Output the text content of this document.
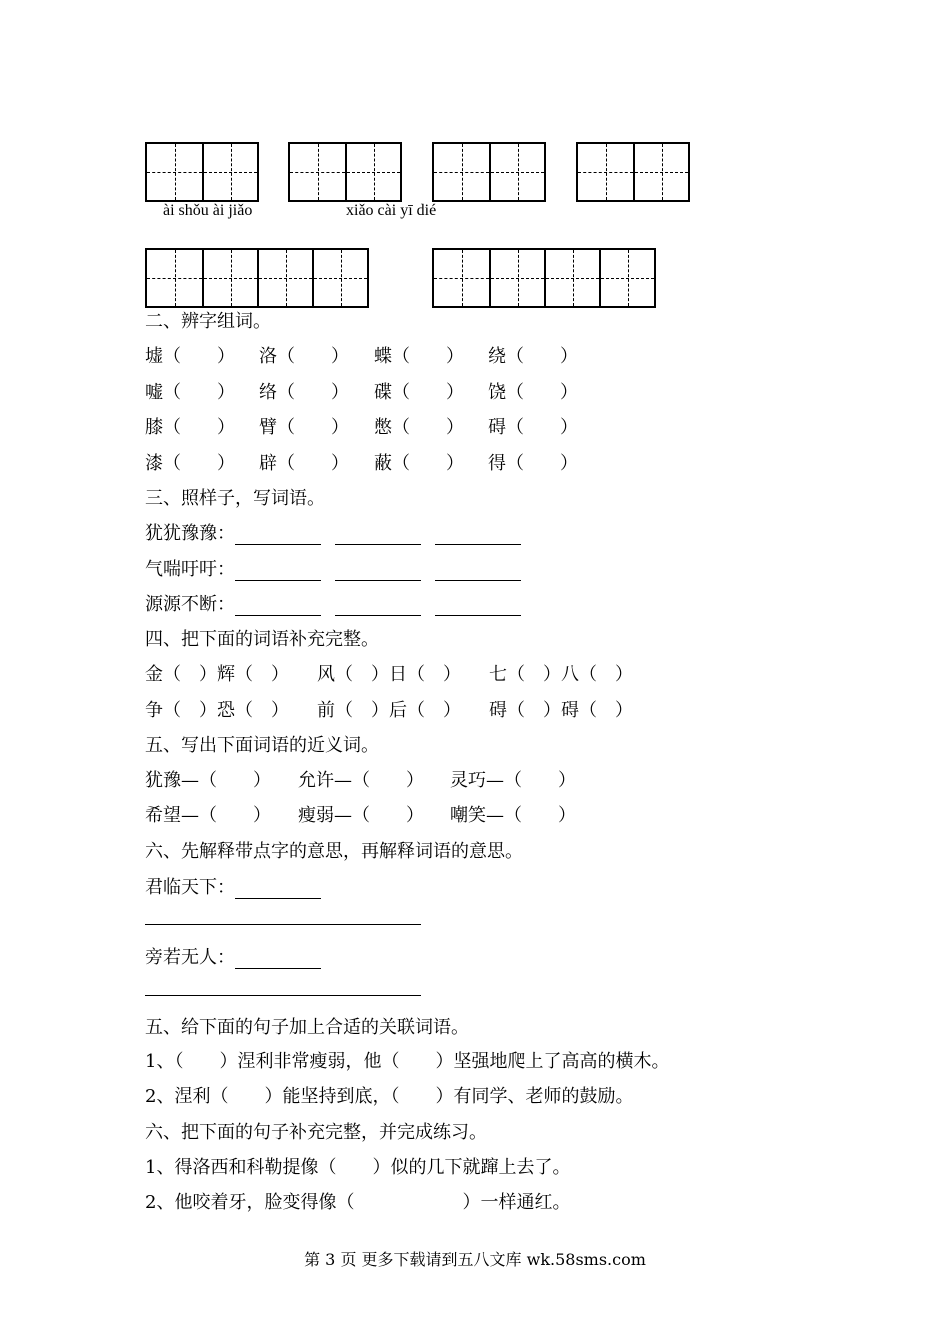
ài shǒu ài jiǎo	xiǎo cài yī dié
二、辨字组词。
墟（　　） 洛（　　） 蝶（　　） 绕（　　）
嘘（　　） 络（　　） 碟（　　） 饶（　　）
膝（　　） 臂（　　） 憋（　　） 碍（　　）
漆（　　） 辟（　　） 蔽（　　） 得（　　）
三、照样子，写词语。
犹犹豫豫：
气喘吁吁：
源源不断：
四、把下面的词语补充完整。
金（　）辉（　） 风（　）日（　） 七（　）八（　）
争（　）恐（　） 前（　）后（　） 碍（　）碍（　）
五、写出下面词语的近义词。
犹豫—（　　） 允许—（　　） 灵巧—（　　）
希望—（　　） 瘦弱—（　　） 嘲笑—（　　）
六、先解释带点字的意思，再解释词语的意思。
君临天下：
旁若无人：
五、给下面的句子加上合适的关联词语。
1、（　　）涅利非常瘦弱，他（　　）坚强地爬上了高高的横木。
2、涅利（　　）能坚持到底，（　　）有同学、老师的鼓励。
六、把下面的句子补充完整，并完成练习。
1、得洛西和科勒提像（　　）似的几下就蹿上去了。
2、他咬着牙，脸变得像（　　　　　　）一样通红。
第 3 页 更多下载请到五八文库 wk.58sms.com
